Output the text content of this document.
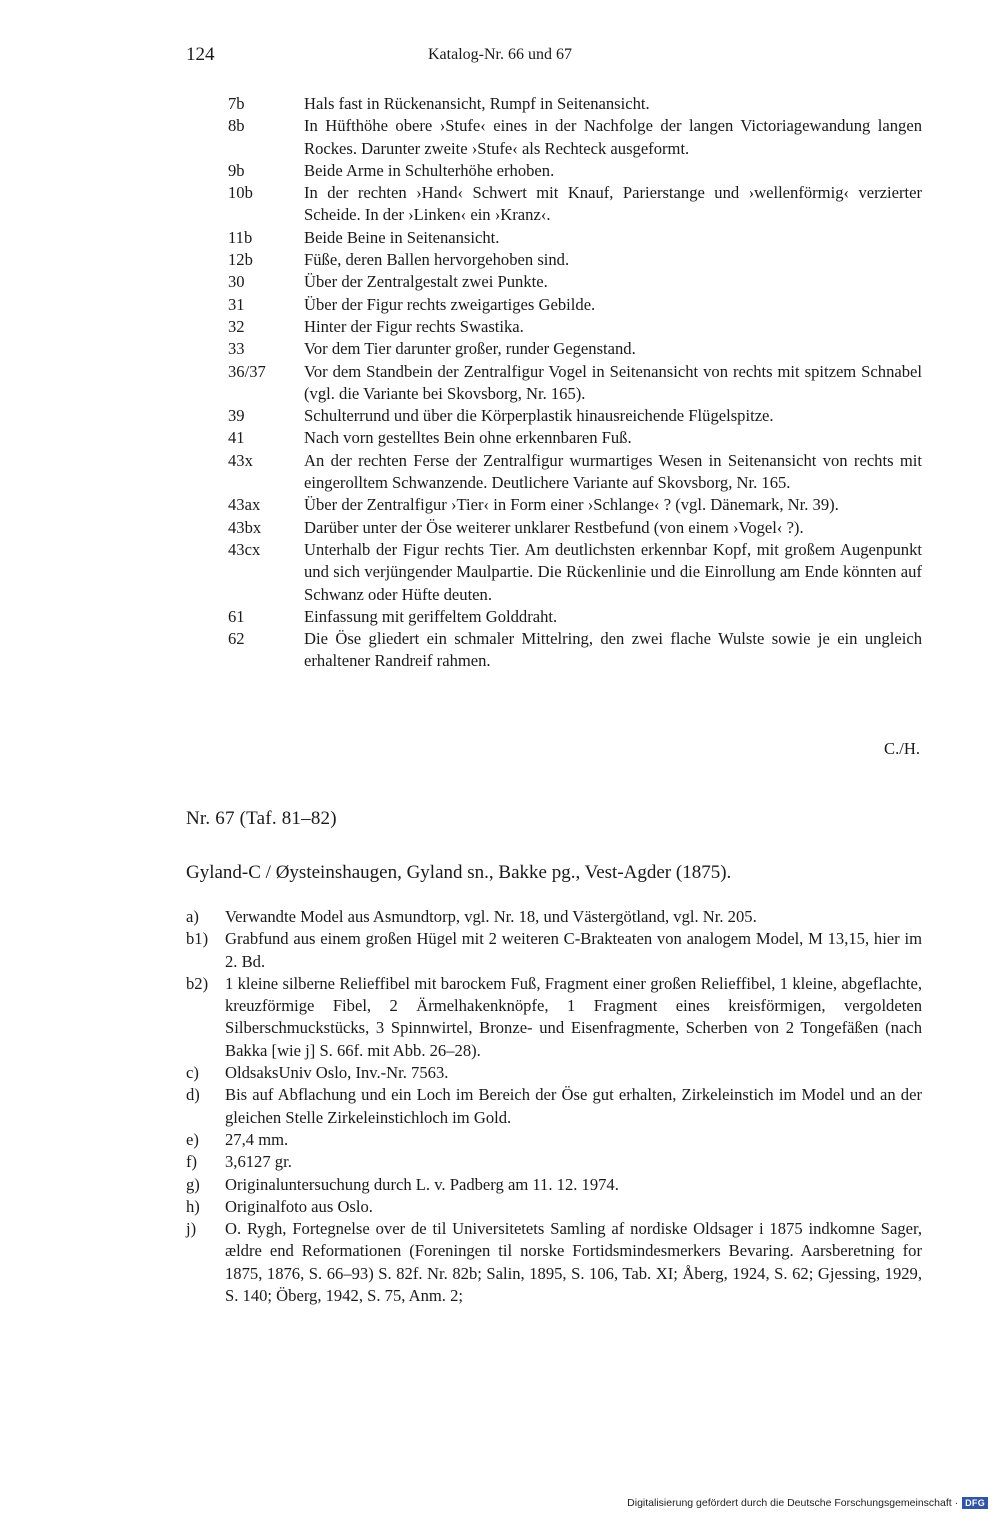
124	Katalog-Nr. 66 und 67
7b	Hals fast in Rückenansicht, Rumpf in Seitenansicht.
8b	In Hüfthöhe obere ›Stufe‹ eines in der Nachfolge der langen Victoriagewandung langen Rockes. Darunter zweite ›Stufe‹ als Rechteck ausgeformt.
9b	Beide Arme in Schulterhöhe erhoben.
10b	In der rechten ›Hand‹ Schwert mit Knauf, Parierstange und ›wellenförmig‹ verzierter Scheide. In der ›Linken‹ ein ›Kranz‹.
11b	Beide Beine in Seitenansicht.
12b	Füße, deren Ballen hervorgehoben sind.
30	Über der Zentralgestalt zwei Punkte.
31	Über der Figur rechts zweigartiges Gebilde.
32	Hinter der Figur rechts Swastika.
33	Vor dem Tier darunter großer, runder Gegenstand.
36/37	Vor dem Standbein der Zentralfigur Vogel in Seitenansicht von rechts mit spitzem Schnabel (vgl. die Variante bei Skovsborg, Nr. 165).
39	Schulterrund und über die Körperplastik hinausreichende Flügelspitze.
41	Nach vorn gestelltes Bein ohne erkennbaren Fuß.
43x	An der rechten Ferse der Zentralfigur wurmartiges Wesen in Seitenansicht von rechts mit eingerolltem Schwanzende. Deutlichere Variante auf Skovsborg, Nr. 165.
43ax	Über der Zentralfigur ›Tier‹ in Form einer ›Schlange‹ ? (vgl. Dänemark, Nr. 39).
43bx	Darüber unter der Öse weiterer unklarer Restbefund (von einem ›Vogel‹ ?).
43cx	Unterhalb der Figur rechts Tier. Am deutlichsten erkennbar Kopf, mit großem Augenpunkt und sich verjüngender Maulpartie. Die Rückenlinie und die Einrollung am Ende könnten auf Schwanz oder Hüfte deuten.
61	Einfassung mit geriffeltem Golddraht.
62	Die Öse gliedert ein schmaler Mittelring, den zwei flache Wulste sowie je ein ungleich erhaltener Randreif rahmen.
C./H.
Nr. 67 (Taf. 81–82)
Gyland-C / Øysteinshaugen, Gyland sn., Bakke pg., Vest-Agder (1875).
a)	Verwandte Model aus Asmundtorp, vgl. Nr. 18, und Västergötland, vgl. Nr. 205.
b1)	Grabfund aus einem großen Hügel mit 2 weiteren C-Brakteaten von analogem Model, M 13,15, hier im 2. Bd.
b2)	1 kleine silberne Relieffibel mit barockem Fuß, Fragment einer großen Relieffibel, 1 kleine, abgeflachte, kreuzförmige Fibel, 2 Ärmelhakenknöpfe, 1 Fragment eines kreisförmigen, vergoldeten Silberschmuckstücks, 3 Spinnwirtel, Bronze- und Eisenfragmente, Scherben von 2 Tongefäßen (nach Bakka [wie j] S. 66f. mit Abb. 26–28).
c)	OldsaksUniv Oslo, Inv.-Nr. 7563.
d)	Bis auf Abflachung und ein Loch im Bereich der Öse gut erhalten, Zirkeleinstich im Model und an der gleichen Stelle Zirkeleinstichloch im Gold.
e)	27,4 mm.
f)	3,6127 gr.
g)	Originaluntersuchung durch L. v. Padberg am 11. 12. 1974.
h)	Originalfoto aus Oslo.
j)	O. Rygh, Fortegnelse over de til Universitetets Samling af nordiske Oldsager i 1875 indkomne Sager, ældre end Reformationen (Foreningen til norske Fortidsmindesmerkers Bevaring. Aarsberetning for 1875, 1876, S. 66–93) S. 82f. Nr. 82b; Salin, 1895, S. 106, Tab. XI; Åberg, 1924, S. 62; Gjessing, 1929, S. 140; Öberg, 1942, S. 75, Anm. 2;
Digitalisierung gefördert durch die Deutsche Forschungsgemeinschaft · DFG
